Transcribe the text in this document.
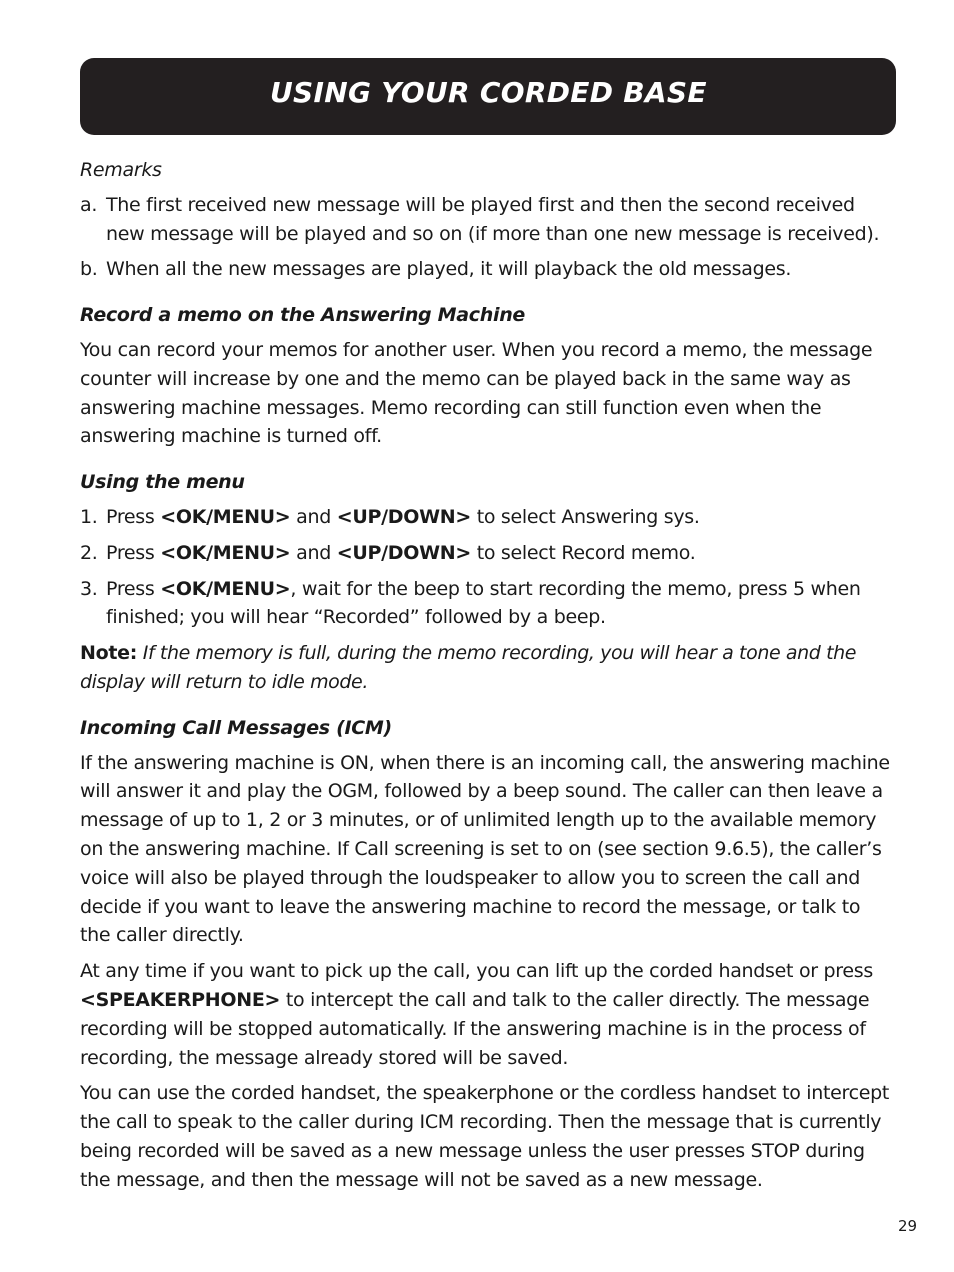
USING YOUR CORDED BASE

Remarks

a. The first received new message will be played first and then the second received new message will be played and so on (if more than one new message is received).
b. When all the new messages are played, it will playback the old messages.

Record a memo on the Answering Machine

You can record your memos for another user. When you record a memo, the message counter will increase by one and the memo can be played back in the same way as answering machine messages. Memo recording can still function even when the answering machine is turned off.

Using the menu

1. Press <OK/MENU> and <UP/DOWN> to select Answering sys.
2. Press <OK/MENU> and <UP/DOWN> to select Record memo.
3. Press <OK/MENU>, wait for the beep to start recording the memo, press 5 when finished; you will hear “Recorded” followed by a beep.

Note: If the memory is full, during the memo recording, you will hear a tone and the display will return to idle mode.

Incoming Call Messages (ICM)

If the answering machine is ON, when there is an incoming call, the answering machine will answer it and play the OGM, followed by a beep sound. The caller can then leave a message of up to 1, 2 or 3 minutes, or of unlimited length up to the available memory on the answering machine. If Call screening is set to on (see section 9.6.5), the caller’s voice will also be played through the loudspeaker to allow you to screen the call and decide if you want to leave the answering machine to record the message, or talk to the caller directly.

At any time if you want to pick up the call, you can lift up the corded handset or press <SPEAKERPHONE> to intercept the call and talk to the caller directly. The message recording will be stopped automatically. If the answering machine is in the process of recording, the message already stored will be saved.

You can use the corded handset, the speakerphone or the cordless handset to intercept the call to speak to the caller during ICM recording. Then the message that is currently being recorded will be saved as a new message unless the user presses STOP during the message, and then the message will not be saved as a new message.

29
